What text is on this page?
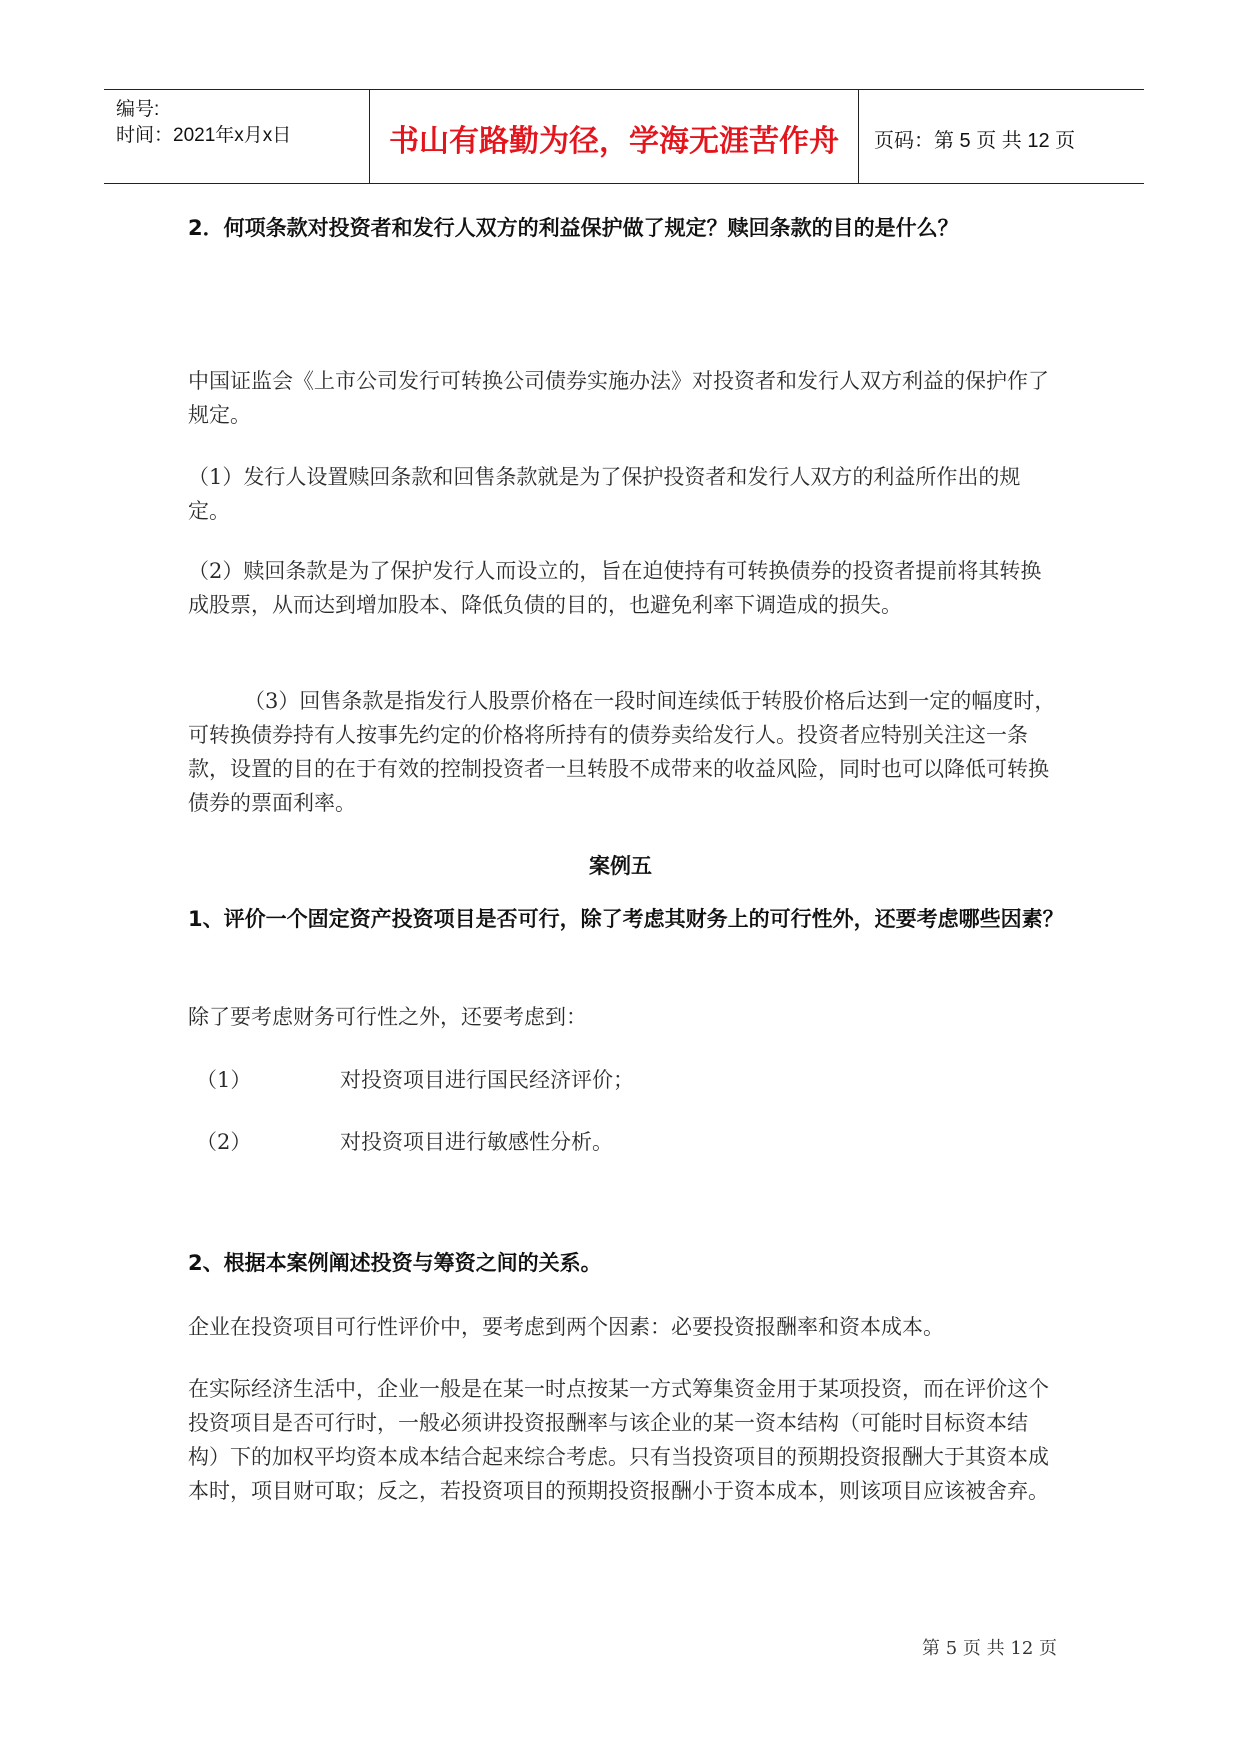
编号:
时间：2021年x月x日	书山有路勤为径，学海无涯苦作舟	页码：第 5 页 共 12 页
2．何项条款对投资者和发行人双方的利益保护做了规定？赎回条款的目的是什么？
中国证监会《上市公司发行可转换公司债券实施办法》对投资者和发行人双方利益的保护作了规定。
（1）发行人设置赎回条款和回售条款就是为了保护投资者和发行人双方的利益所作出的规定。
（2）赎回条款是为了保护发行人而设立的，旨在迫使持有可转换债券的投资者提前将其转换成股票，从而达到增加股本、降低负债的目的，也避免利率下调造成的损失。
（3）回售条款是指发行人股票价格在一段时间连续低于转股价格后达到一定的幅度时，可转换债券持有人按事先约定的价格将所持有的债券卖给发行人。投资者应特别关注这一条款，设置的目的在于有效的控制投资者一旦转股不成带来的收益风险，同时也可以降低可转换债券的票面利率。
案例五
1、评价一个固定资产投资项目是否可行，除了考虑其财务上的可行性外，还要考虑哪些因素？
除了要考虑财务可行性之外，还要考虑到：
（1）	对投资项目进行国民经济评价；
（2）	对投资项目进行敏感性分析。
2、根据本案例阐述投资与筹资之间的关系。
企业在投资项目可行性评价中，要考虑到两个因素：必要投资报酬率和资本成本。
在实际经济生活中，企业一般是在某一时点按某一方式筹集资金用于某项投资，而在评价这个投资项目是否可行时，一般必须讲投资报酬率与该企业的某一资本结构（可能时目标资本结构）下的加权平均资本成本结合起来综合考虑。只有当投资项目的预期投资报酬大于其资本成本时，项目财可取；反之，若投资项目的预期投资报酬小于资本成本，则该项目应该被舍弃。
第 5 页 共 12 页
